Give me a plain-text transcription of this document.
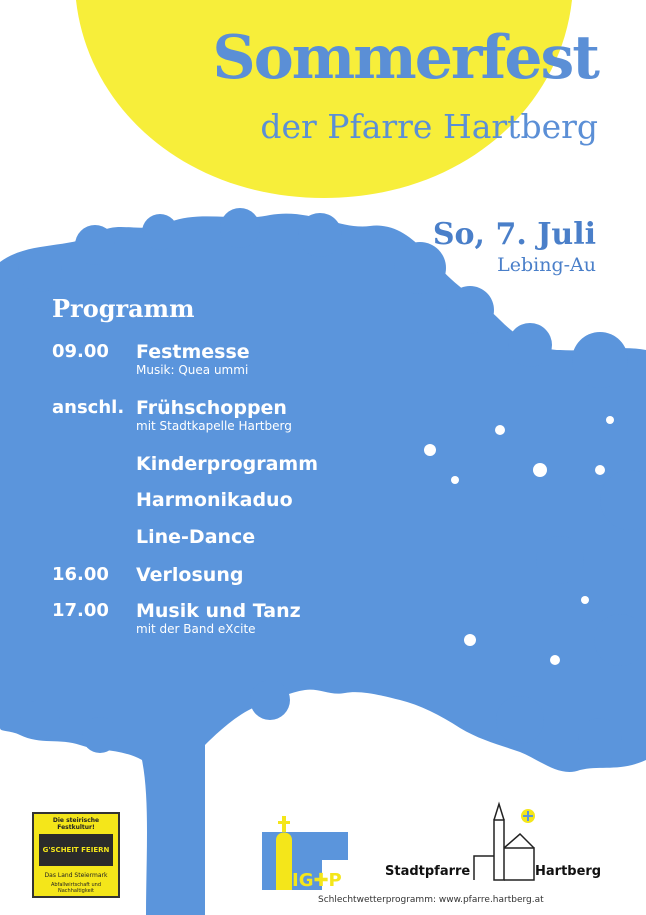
Sommerfest
der Pfarre Hartberg
So, 7. Juli
Lebing-Au
Programm
09.00	Festmesse
Musik: Quea ummi
anschl. Frühschoppen
mit Stadtkapelle Hartberg
Kinderprogramm
Harmonikaduo
Line-Dance
16.00	Verlosung
17.00	Musik und Tanz
mit der Band eXcite
Die steirische Festkultur!
G'SCHEIT FEIERN
Das Land Steiermark
Abfallwirtschaft und Nachhaltigkeit	IG✚P	Stadtpfarre	Hartberg
Schlechtwetterprogramm: www.pfarre.hartberg.at
